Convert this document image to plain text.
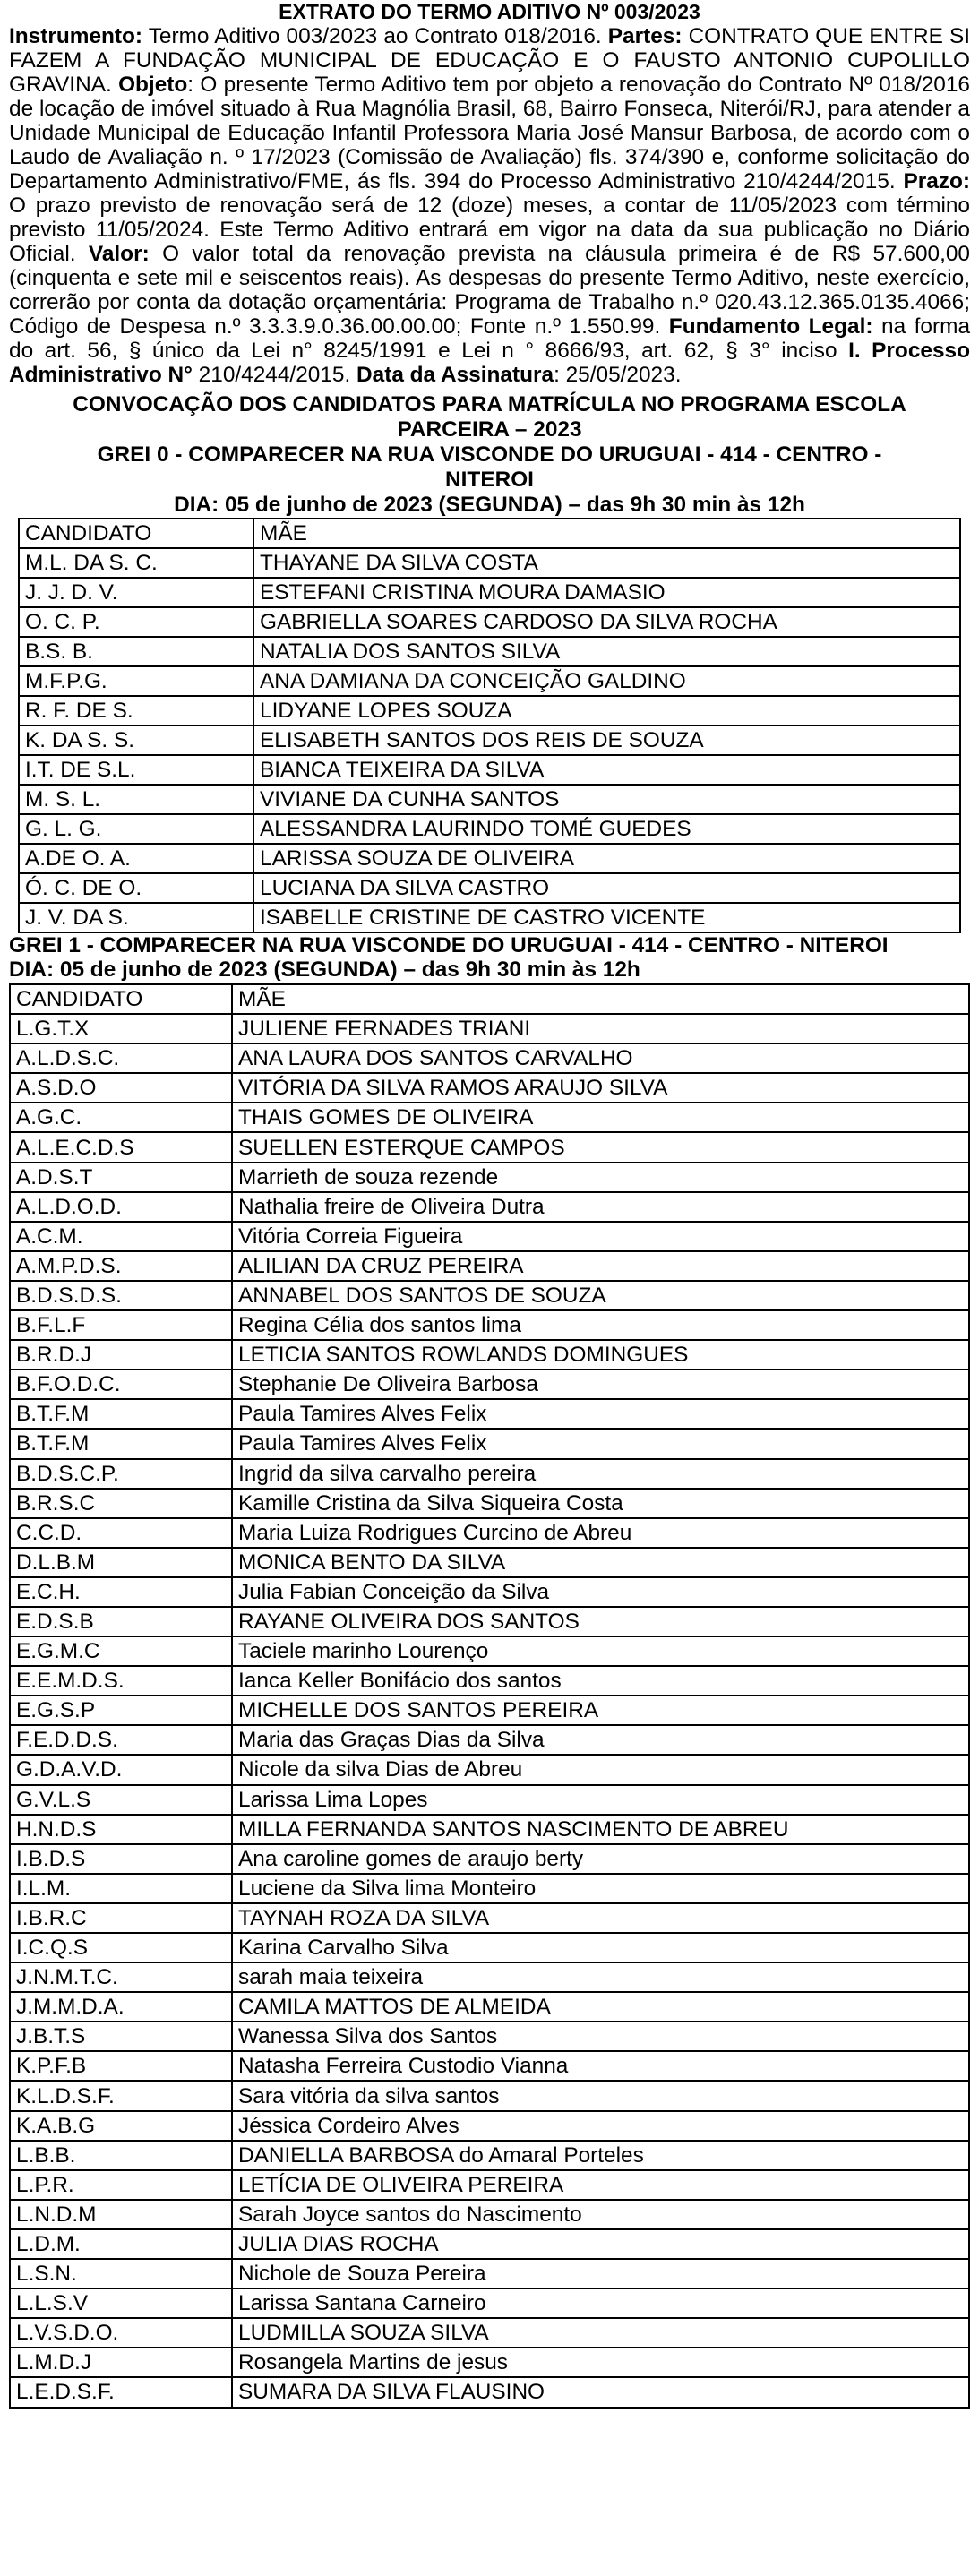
EXTRATO DO TERMO ADITIVO Nº 003/2023

Instrumento: Termo Aditivo 003/2023 ao Contrato 018/2016. Partes: CONTRATO QUE ENTRE SI FAZEM A FUNDAÇÃO MUNICIPAL DE EDUCAÇÃO E O FAUSTO ANTONIO CUPOLILLO GRAVINA. Objeto: O presente Termo Aditivo tem por objeto a renovação do Contrato Nº 018/2016 de locação de imóvel situado à Rua Magnólia Brasil, 68, Bairro Fonseca, Niterói/RJ, para atender a Unidade Municipal de Educação Infantil Professora Maria José Mansur Barbosa, de acordo com o Laudo de Avaliação n. º 17/2023 (Comissão de Avaliação) fls. 374/390 e, conforme solicitação do Departamento Administrativo/FME, ás fls. 394 do Processo Administrativo 210/4244/2015. Prazo: O prazo previsto de renovação será de 12 (doze) meses, a contar de 11/05/2023 com término previsto 11/05/2024. Este Termo Aditivo entrará em vigor na data da sua publicação no Diário Oficial. Valor: O valor total da renovação prevista na cláusula primeira é de R$ 57.600,00 (cinquenta e sete mil e seiscentos reais). As despesas do presente Termo Aditivo, neste exercício, correrão por conta da dotação orçamentária: Programa de Trabalho n.º 020.43.12.365.0135.4066; Código de Despesa n.º 3.3.3.9.0.36.00.00.00; Fonte n.º 1.550.99. Fundamento Legal: na forma do art. 56, § único da Lei n° 8245/1991 e Lei n ° 8666/93, art. 62, § 3° inciso I. Processo Administrativo N° 210/4244/2015. Data da Assinatura: 25/05/2023.

CONVOCAÇÃO DOS CANDIDATOS PARA MATRÍCULA NO PROGRAMA ESCOLA
PARCEIRA – 2023
GREI 0 - COMPARECER NA RUA VISCONDE DO URUGUAI - 414 - CENTRO -
NITEROI
DIA: 05 de junho de 2023 (SEGUNDA) – das 9h 30 min às 12h
CANDIDATO	MÃE
M.L. DA S. C.	THAYANE DA SILVA COSTA
J. J. D. V.	ESTEFANI CRISTINA MOURA DAMASIO
O. C. P.	GABRIELLA SOARES CARDOSO DA SILVA ROCHA
B.S. B.	NATALIA DOS SANTOS SILVA
M.F.P.G.	ANA DAMIANA DA CONCEIÇÃO GALDINO
R. F. DE S.	LIDYANE LOPES SOUZA
K. DA S. S.	ELISABETH SANTOS DOS REIS DE SOUZA
I.T. DE S.L.	BIANCA TEIXEIRA DA SILVA
M. S. L.	VIVIANE DA CUNHA SANTOS
G. L. G.	ALESSANDRA LAURINDO TOMÉ GUEDES
A.DE O. A.	LARISSA SOUZA DE OLIVEIRA
Ó. C. DE O.	LUCIANA DA SILVA CASTRO
J. V. DA S.	ISABELLE CRISTINE DE CASTRO VICENTE
GREI 1 - COMPARECER NA RUA VISCONDE DO URUGUAI - 414 - CENTRO - NITEROI
DIA: 05 de junho de 2023 (SEGUNDA) – das 9h 30 min às 12h
CANDIDATO	MÃE
L.G.T.X	JULIENE FERNADES TRIANI
A.L.D.S.C.	ANA LAURA DOS SANTOS CARVALHO
A.S.D.O	VITÓRIA DA SILVA RAMOS ARAUJO SILVA
A.G.C.	THAIS GOMES DE OLIVEIRA
A.L.E.C.D.S	SUELLEN ESTERQUE CAMPOS
A.D.S.T	Marrieth de souza rezende
A.L.D.O.D.	Nathalia freire de Oliveira Dutra
A.C.M.	Vitória Correia Figueira
A.M.P.D.S.	ALILIAN DA CRUZ PEREIRA
B.D.S.D.S.	ANNABEL DOS SANTOS DE SOUZA
B.F.L.F	Regina Célia dos santos lima
B.R.D.J	LETICIA SANTOS ROWLANDS DOMINGUES
B.F.O.D.C.	Stephanie De Oliveira Barbosa
B.T.F.M	Paula Tamires Alves Felix
B.T.F.M	Paula Tamires Alves Felix
B.D.S.C.P.	Ingrid da silva carvalho pereira
B.R.S.C	Kamille Cristina da Silva Siqueira Costa
C.C.D.	Maria Luiza Rodrigues Curcino de Abreu
D.L.B.M	MONICA BENTO DA SILVA
E.C.H.	Julia Fabian Conceição da Silva
E.D.S.B	RAYANE OLIVEIRA DOS SANTOS
E.G.M.C	Taciele marinho Lourenço
E.E.M.D.S.	Ianca Keller Bonifácio dos santos
E.G.S.P	MICHELLE DOS SANTOS PEREIRA
F.E.D.D.S.	Maria das Graças Dias da Silva
G.D.A.V.D.	Nicole da silva Dias de Abreu
G.V.L.S	Larissa Lima Lopes
H.N.D.S	MILLA FERNANDA SANTOS NASCIMENTO DE ABREU
I.B.D.S	Ana caroline gomes de araujo berty
I.L.M.	Luciene da Silva lima Monteiro
I.B.R.C	TAYNAH ROZA DA SILVA
I.C.Q.S	Karina Carvalho Silva
J.N.M.T.C.	sarah maia teixeira
J.M.M.D.A.	CAMILA MATTOS DE ALMEIDA
J.B.T.S	Wanessa Silva dos Santos
K.P.F.B	Natasha Ferreira Custodio Vianna
K.L.D.S.F.	Sara vitória da silva santos
K.A.B.G	Jéssica Cordeiro Alves
L.B.B.	DANIELLA BARBOSA do Amaral Porteles
L.P.R.	LETÍCIA DE OLIVEIRA PEREIRA
L.N.D.M	Sarah Joyce santos do Nascimento
L.D.M.	JULIA DIAS ROCHA
L.S.N.	Nichole de Souza Pereira
L.L.S.V	Larissa Santana Carneiro
L.V.S.D.O.	LUDMILLA SOUZA SILVA
L.M.D.J	Rosangela Martins de jesus
L.E.D.S.F.	SUMARA DA SILVA FLAUSINO
